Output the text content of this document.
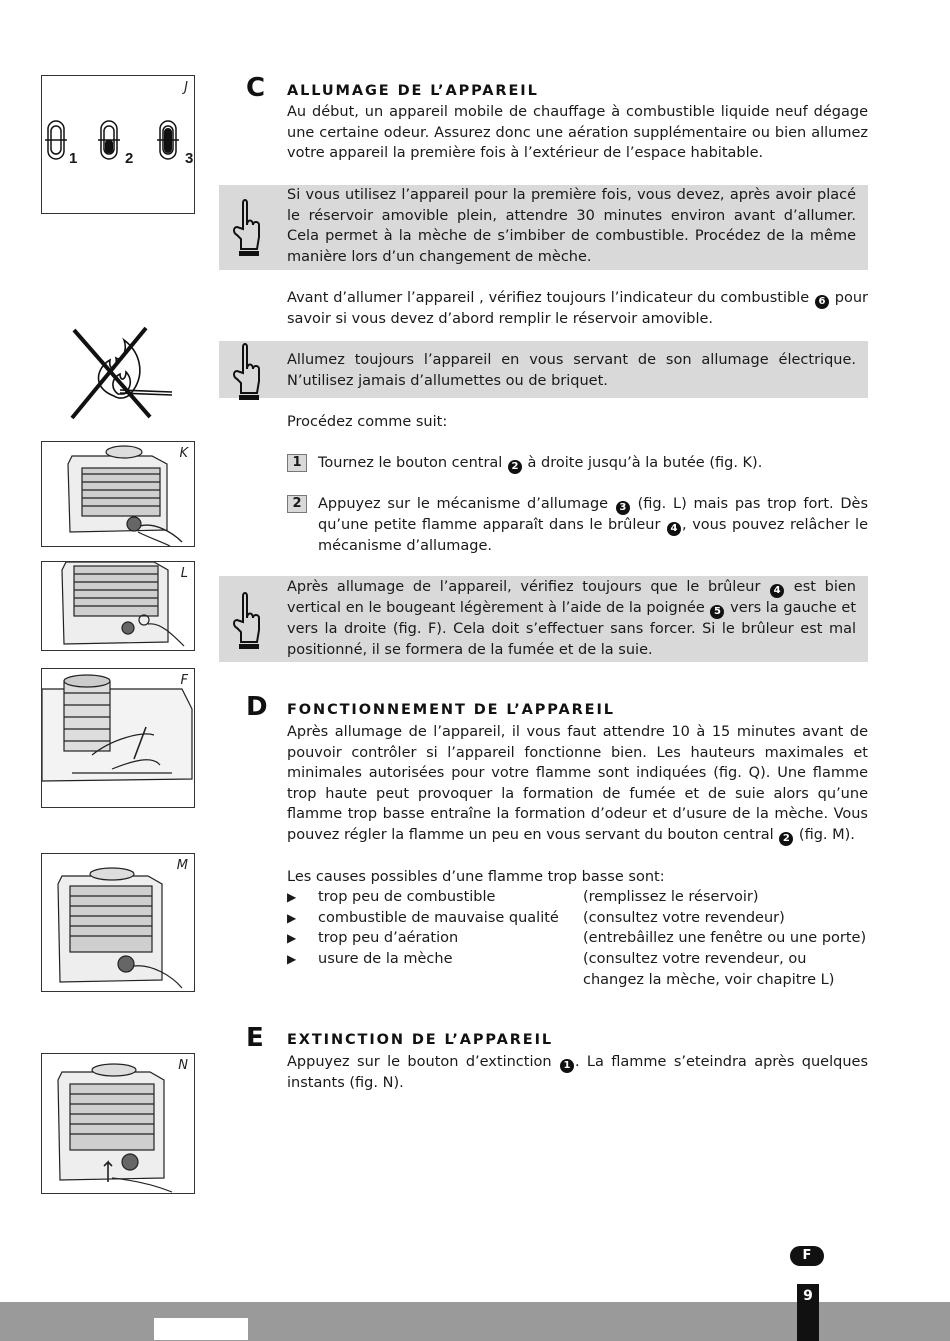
J
1	2	3
K
L
F
M
N
C ALLUMAGE DE L’APPAREIL

Au début, un appareil mobile de chauffage à combustible liquide neuf dégage une certaine odeur. Assurez donc une aération supplémentaire ou bien allumez votre appareil la première fois à l’extérieur de l’espace habitable.

Si vous utilisez l’appareil pour la première fois, vous devez, après avoir placé le réservoir amovible plein, attendre 30 minutes environ avant d’allumer. Cela permet à la mèche de s’imbiber de combustible. Procédez de la même manière lors d’un changement de mèche.

Avant d’allumer l’appareil , vérifiez toujours l’indicateur du combustible 6 pour savoir si vous devez d’abord remplir le réservoir amovible.

Allumez toujours l’appareil en vous servant de son allumage électrique. N’utilisez jamais d’allumettes ou de briquet.

Procédez comme suit:

1	Tournez le bouton central 2 à droite jusqu’à la butée (fig. K).

2	Appuyez sur le mécanisme d’allumage 3 (fig. L) mais pas trop fort. Dès qu’une petite flamme apparaît dans le brûleur 4 , vous pouvez relâcher le mécanisme d’allumage.

Après allumage de l’appareil, vérifiez toujours que le brûleur 4 est bien vertical en le bougeant légèrement à l’aide de la poignée 5 vers la gauche et vers la droite (fig. F). Cela doit s’effectuer sans forcer. Si le brûleur est mal positionné, il se formera de la fumée et de la suie.

D FONCTIONNEMENT DE L’APPAREIL

Après allumage de l’appareil, il vous faut attendre 10 à 15 minutes avant de pouvoir contrôler si l’appareil fonctionne bien. Les hauteurs maximales et minimales autorisées pour votre flamme sont indiquées (fig. Q). Une flamme trop haute peut provoquer la formation de fumée et de suie alors qu’une flamme trop basse entraîne la formation d’odeur et d’usure de la mèche. Vous pouvez régler la flamme un peu en vous servant du bouton central 2 (fig. M).

Les causes possibles d’une flamme trop basse sont:

▶ trop peu de combustible	(remplissez le réservoir)
▶ combustible de mauvaise qualité (consultez votre revendeur)
▶ trop peu d’aération	(entrebâillez une fenêtre ou une porte)
▶ usure de la mèche	(consultez votre revendeur, ou changez la mèche, voir chapitre L)
E EXTINCTION DE L’APPAREIL

Appuyez sur le bouton d’extinction 1 . La flamme s’eteindra après quelques instants (fig. N).

F
9
